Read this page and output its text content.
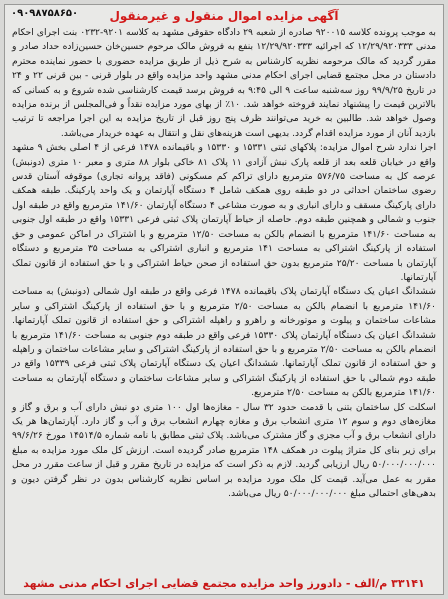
۰۹۰۹۸۷۵۸۶۵۰	آگهی مزایده اموال منقول و غیرمنقول

به موجب پرونده کلاسه ۹۲۰۰۱۵ صادره از شعبه ۲۹ دادگاه حقوقی مشهد به کلاسه ۹۲۰۱-۰۲۳۲ بنت اجرای احکام مدنی ۱۲/۲۹/۹۲۰۳۳۳ که اجرائیه ۱۲/۲۹/۹۲۰۳۳۳ بنفع به فروش مالک مرحوم حسین‌خان حسین‌زاده حداد صادر و مقرر گردید که مالک مرحومه نظریه کارشناس به شرح ذیل از طریق مزایده حضوری با حضور نماینده محترم دادستان در محل مجتمع قضایی اجرای احکام مدنی مشهد واحد مزایده واقع در بلوار قرنی - بین قرنی ۲۲ و ۲۴ در تاریخ ۹۹/۹/۲۵ روز سه‌شنبه ساعت ۹ الی ۹:۴۵ به فروش برسد قیمت کارشناسی شده شروع و به کسانی که بالاترین قیمت را پیشنهاد نمایند فروخته خواهد شد. ۱۰٪ از بهای مورد مزایده نقداً و فی‌المجلس از برنده مزایده وصول خواهد شد. طالبین به خرید می‌توانند ظرف پنج روز قبل از تاریخ مزایده به این اجرا مراجعه تا ترتیب بازدید آنان از مورد مزایده اقدام گردد. بدیهی است هزینه‌های نقل و انتقال به عهده خریدار می‌باشد.

اجرا ندارد شرح اموال مزایده: پلاکهای ثبتی ۱۵۳۳۱ و ۱۵۳۳۰ و باقیمانده ۱۴۷۸ فرعی از ۴ اصلی بخش ۹ مشهد واقع در خیابان قلعه بعد از قلعه پارک نبش آزادی ۱۱ پلاک ۸۱ خاکی بلوار ۸۸ متری و معبر ۱۰ متری (دونبش) عرصه کل به مساحت ۵۷۶/۷۵ مترمربع دارای تراکم کم مسکونی (فاقد پروانه تجاری) موقوفه آستان قدس رضوی ساختمان احداثی در دو طبقه روی همکف شامل ۴ دستگاه آپارتمان و یک واحد پارکینگ. طبقه همکف دارای پارکینگ مسقف و دارای انباری و به صورت مشاعی ۴ دستگاه آپارتمان ۱۴۱/۶۰ مترمربع واقع در طبقه اول جنوب و شمالی و همچنین طبقه دوم. حاصله از حیاط آپارتمان پلاک ثبتی فرعی ۱۵۳۳۱ واقع در طبقه اول جنوبی به مساحت ۱۴۱/۶۰ مترمربع با انضمام بالکن به مساحت ۱۲/۵۰ مترمربع و با اشتراک در اماکن عمومی و حق استفاده از پارکینگ اشتراکی به مساحت ۱۴۱ مترمربع و انباری اشتراکی به مساحت ۳۵ مترمربع و دستگاه آپارتمان با مساحت ۲۵/۲۰ مترمربع بدون حق استفاده از صحن حیاط اشتراکی و با حق استفاده از قانون تملک آپارتمانها.

ششدانگ اعیان یک دستگاه آپارتمان پلاک باقیمانده ۱۴۷۸ فرعی واقع در طبقه اول شمالی (دونبش) به مساحت ۱۴۱/۶۰ مترمربع با انضمام بالکن به مساحت ۲/۵۰ مترمربع و با حق استفاده از پارکینگ اشتراکی و سایر مشاعات ساختمان و پیلوت و موتورخانه و راهرو و راهپله اشتراکی و حق استفاده از قانون تملک آپارتمانها. ششدانگ اعیان یک دستگاه آپارتمان پلاک ۱۵۳۳۰ فرعی واقع در طبقه دوم جنوبی به مساحت ۱۴۱/۶۰ مترمربع با انضمام بالکن به مساحت ۲/۵۰ مترمربع و با حق استفاده از پارکینگ اشتراکی و سایر مشاعات ساختمان و راهپله و حق استفاده از قانون تملک آپارتمانها. ششدانگ اعیان یک دستگاه آپارتمان پلاک ثبتی فرعی ۱۵۳۳۹ واقع در طبقه دوم شمالی با حق استفاده از پارکینگ اشتراکی و سایر مشاعات ساختمان و دستگاه آپارتمان به مساحت ۱۴۱/۶۰ مترمربع بالکن به مساحت ۲/۵۰ مترمربع.

اسکلت کل ساختمان بتنی با قدمت حدود ۳۲ سال - مغازه‌ها اول ۱۰۰ متری دو نبش دارای آب و برق و گاز و مغازه‌های دوم و سوم ۱۲ متری انشعاب برق و مغازه چهارم انشعاب برق و آب و گاز دارد. آپارتمان‌ها هر یک دارای انشعاب برق و آب مجزی و گاز مشترک می‌باشد. پلاک ثبتی مطابق با نامه شماره ۱۴۵۱۴/۵ مورخ ۹۹/۶/۲۶ برای زیر بنای کل متراژ پیلوت در همکف ۱۴۸ مترمربع صادر گردیده است. ارزش کل ملک مورد مزایده به مبلغ ۵۰/۰۰۰/۰۰۰/۰۰۰ ریال ارزیابی گردید. لازم به ذکر است که مزایده در تاریخ مقرر و قبل از ساعت مقرر در محل مقرر به عمل می‌آید. قیمت کل ملک مورد مزایده بر اساس نظریه کارشناس بدون در نظر گرفتن دیون و بدهی‌های احتمالی مبلغ ۵۰/۰۰۰/۰۰۰/۰۰۰ ریال می‌باشد.

۳۳۱۴۱ م/الف - دادورز واحد مزایده مجتمع قضایی اجرای احکام مدنی مشهد
